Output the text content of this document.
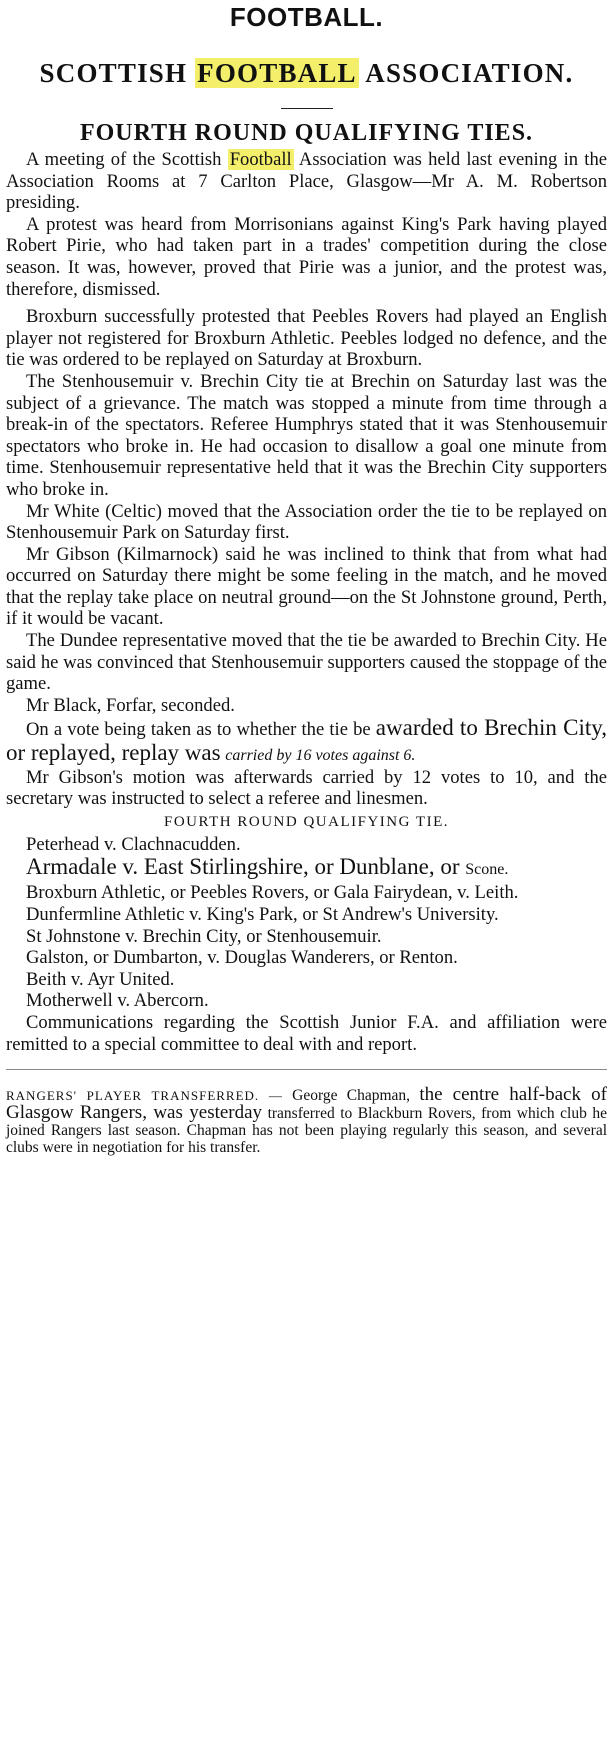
FOOTBALL.
SCOTTISH FOOTBALL ASSOCIATION.
FOURTH ROUND QUALIFYING TIES.

A meeting of the Scottish Football Association was held last evening in the Association Rooms at 7 Carlton Place, Glasgow—Mr A. M. Robertson presiding.

A protest was heard from Morrisonians against King's Park having played Robert Pirie, who had taken part in a trades' competition during the close season. It was, however, proved that Pirie was a junior, and the protest was, therefore, dismissed.

Broxburn successfully protested that Peebles Rovers had played an English player not registered for Broxburn Athletic. Peebles lodged no defence, and the tie was ordered to be replayed on Saturday at Broxburn.

The Stenhousemuir v. Brechin City tie at Brechin on Saturday last was the subject of a grievance. The match was stopped a minute from time through a break-in of the spectators. Referee Humphrys stated that it was Stenhousemuir spectators who broke in. He had occasion to disallow a goal one minute from time. Stenhousemuir representative held that it was the Brechin City supporters who broke in.

Mr White (Celtic) moved that the Association order the tie to be replayed on Stenhousemuir Park on Saturday first.

Mr Gibson (Kilmarnock) said he was inclined to think that from what had occurred on Saturday there might be some feeling in the match, and he moved that the replay take place on neutral ground—on the St Johnstone ground, Perth, if it would be vacant.

The Dundee representative moved that the tie be awarded to Brechin City. He said he was convinced that Stenhousemuir supporters caused the stoppage of the game.

Mr Black, Forfar, seconded.

On a vote being taken as to whether the tie be awarded to Brechin City, or replayed, replay was carried by 16 votes against 6.

Mr Gibson's motion was afterwards carried by 12 votes to 10, and the secretary was instructed to select a referee and linesmen.

FOURTH ROUND QUALIFYING TIE.

Peterhead v. Clachnacudden.

Armadale v. East Stirlingshire, or Dunblane, or Scone.

Broxburn Athletic, or Peebles Rovers, or Gala Fairydean, v. Leith.

Dunfermline Athletic v. King's Park, or St Andrew's University.

St Johnstone v. Brechin City, or Stenhousemuir.

Galston, or Dumbarton, v. Douglas Wanderers, or Renton.

Beith v. Ayr United.

Motherwell v. Abercorn.

Communications regarding the Scottish Junior F.A. and affiliation were remitted to a special committee to deal with and report.

RANGERS' PLAYER TRANSFERRED. — George Chapman, the centre half-back of Glasgow Rangers, was yesterday transferred to Blackburn Rovers, from which club he joined Rangers last season. Chapman has not been playing regularly this season, and several clubs were in negotiation for his transfer.
